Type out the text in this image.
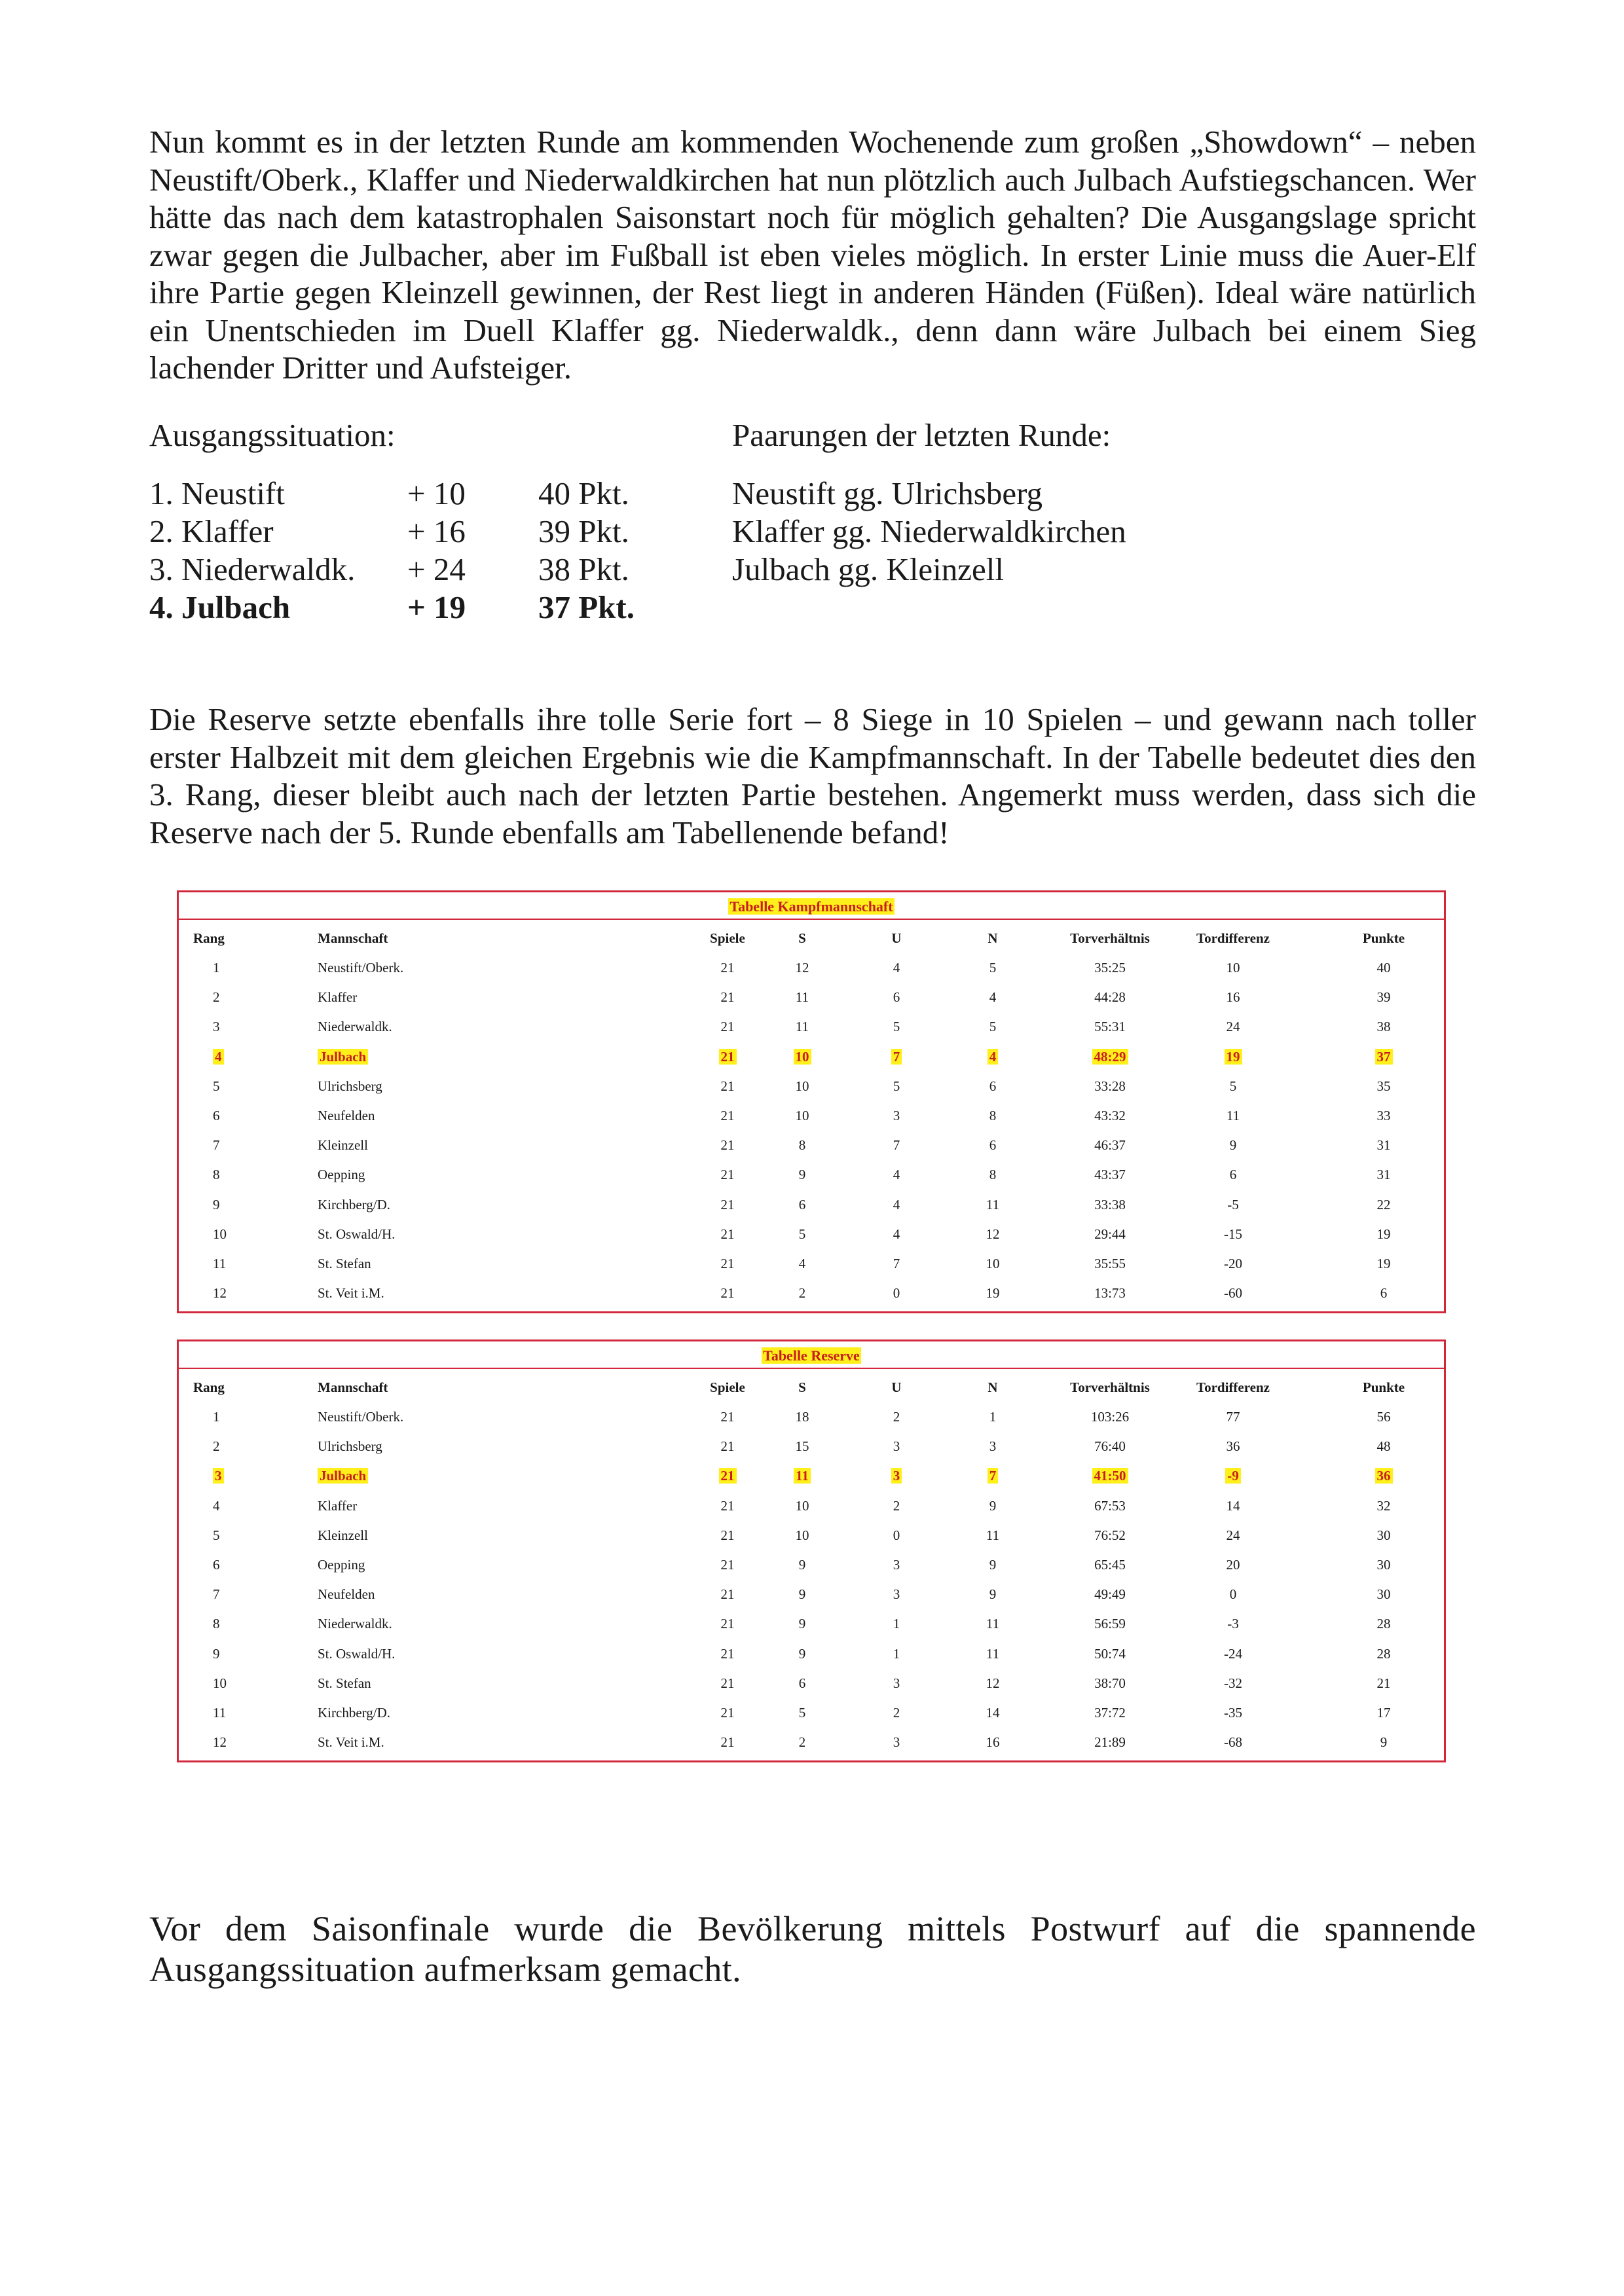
Nun kommt es in der letzten Runde am kommenden Wochenende zum großen „Showdown“ – neben Neustift/Oberk., Klaffer und Niederwaldkirchen hat nun plötzlich auch Julbach Aufstiegschancen. Wer hätte das nach dem katastrophalen Saisonstart noch für möglich gehalten? Die Ausgangslage spricht zwar gegen die Julbacher, aber im Fußball ist eben vieles möglich. In erster Linie muss die Auer-Elf ihre Partie gegen Kleinzell gewinnen, der Rest liegt in anderen Händen (Füßen). Ideal wäre natürlich ein Unentschieden im Duell Klaffer gg. Niederwaldk., denn dann wäre Julbach bei einem Sieg lachender Dritter und Aufsteiger.

Ausgangssituation:	Paarungen der letzten Runde:

1. Neustift	+ 10 40 Pkt.
2. Klaffer	+ 16 39 Pkt.
3. Niederwaldk. + 24 38 Pkt.
4. Julbach	+ 19 37 Pkt.
Neustift gg. Ulrichsberg
Klaffer gg. Niederwaldkirchen
Julbach gg. Kleinzell

Die Reserve setzte ebenfalls ihre tolle Serie fort – 8 Siege in 10 Spielen – und gewann nach toller erster Halbzeit mit dem gleichen Ergebnis wie die Kampfmannschaft. In der Tabelle bedeutet dies den 3. Rang, dieser bleibt auch nach der letzten Partie bestehen. Angemerkt muss werden, dass sich die Reserve nach der 5. Runde ebenfalls am Tabellenende befand!

Tabelle Kampfmannschaft
Rang	Mannschaft	Spiele	S	U	N	Torverhältnis	Tordifferenz	Punkte
1	Neustift/Oberk.	21	12	4	5	35:25	10	40
2	Klaffer	21	11	6	4	44:28	16	39
3	Niederwaldk.	21	11	5	5	55:31	24	38
4	Julbach	21	10	7	4	48:29	19	37
5	Ulrichsberg	21	10	5	6	33:28	5	35
6	Neufelden	21	10	3	8	43:32	11	33
7	Kleinzell	21	8	7	6	46:37	9	31
8	Oepping	21	9	4	8	43:37	6	31
9	Kirchberg/D.	21	6	4	11	33:38	-5	22
10	St. Oswald/H.	21	5	4	12	29:44	-15	19
11	St. Stefan	21	4	7	10	35:55	-20	19
12	St. Veit i.M.	21	2	0	19	13:73	-60	6
Tabelle Reserve
Rang	Mannschaft	Spiele	S	U	N	Torverhältnis	Tordifferenz	Punkte
1	Neustift/Oberk.	21	18	2	1	103:26	77	56
2	Ulrichsberg	21	15	3	3	76:40	36	48
3	Julbach	21	11	3	7	41:50	-9	36
4	Klaffer	21	10	2	9	67:53	14	32
5	Kleinzell	21	10	0	11	76:52	24	30
6	Oepping	21	9	3	9	65:45	20	30
7	Neufelden	21	9	3	9	49:49	0	30
8	Niederwaldk.	21	9	1	11	56:59	-3	28
9	St. Oswald/H.	21	9	1	11	50:74	-24	28
10	St. Stefan	21	6	3	12	38:70	-32	21
11	Kirchberg/D.	21	5	2	14	37:72	-35	17
12	St. Veit i.M.	21	2	3	16	21:89	-68	9

Vor dem Saisonfinale wurde die Bevölkerung mittels Postwurf auf die spannende Ausgangssituation aufmerksam gemacht.
